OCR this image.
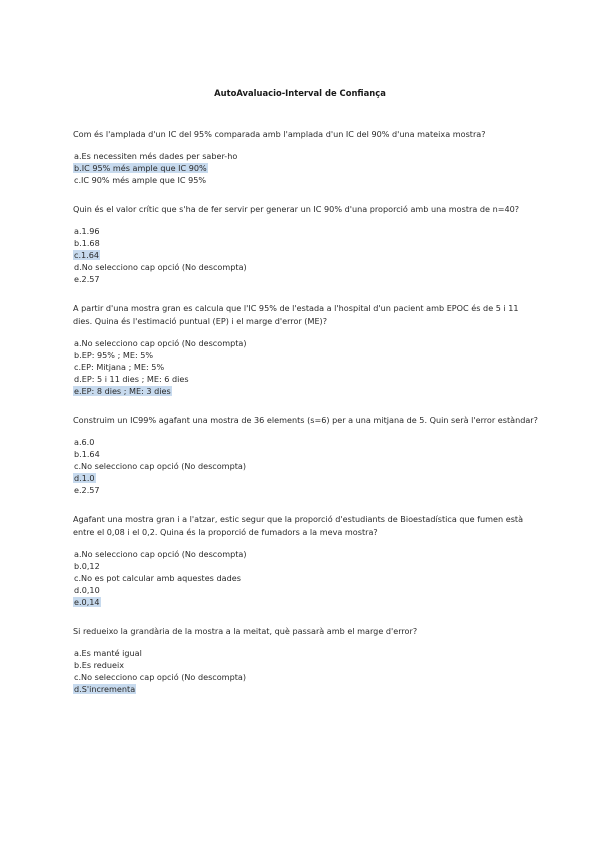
AutoAvaluacio-Interval de Confiança
Com és l'amplada d'un IC del 95% comparada amb l'amplada d'un IC del 90% d'una mateixa mostra?
a.Es necessiten més dades per saber-ho
b.IC 95% més ample que IC 90%
c.IC 90% més ample que IC 95%
Quin és el valor crític que s'ha de fer servir per generar un IC 90% d'una proporció amb una mostra de n=40?
a.1.96
b.1.68
c.1.64
d.No selecciono cap opció (No descompta)
e.2.57
A partir d'una mostra gran es calcula que l'IC 95% de l'estada a l'hospital d'un pacient amb EPOC és de 5 i 11 dies. Quina és l'estimació puntual (EP) i el marge d'error (ME)?
a.No selecciono cap opció (No descompta)
b.EP: 95% ; ME: 5%
c.EP: Mitjana ; ME: 5%
d.EP: 5 i 11 dies ; ME: 6 dies
e.EP: 8 dies ; ME: 3 dies
Construim un IC99% agafant una mostra de 36 elements (s=6) per a una mitjana de 5. Quin serà l'error estàndar?
a.6.0
b.1.64
c.No selecciono cap opció (No descompta)
d.1.0
e.2.57
Agafant una mostra gran i a l'atzar, estic segur que la proporció d'estudiants de Bioestadística que fumen està entre el 0,08 i el 0,2. Quina és la proporció de fumadors a la meva mostra?
a.No selecciono cap opció (No descompta)
b.0,12
c.No es pot calcular amb aquestes dades
d.0,10
e.0,14
Si redueixo la grandària de la mostra a la meitat, què passarà amb el marge d'error?
a.Es manté igual
b.Es redueix
c.No selecciono cap opció (No descompta)
d.S'incrementa
